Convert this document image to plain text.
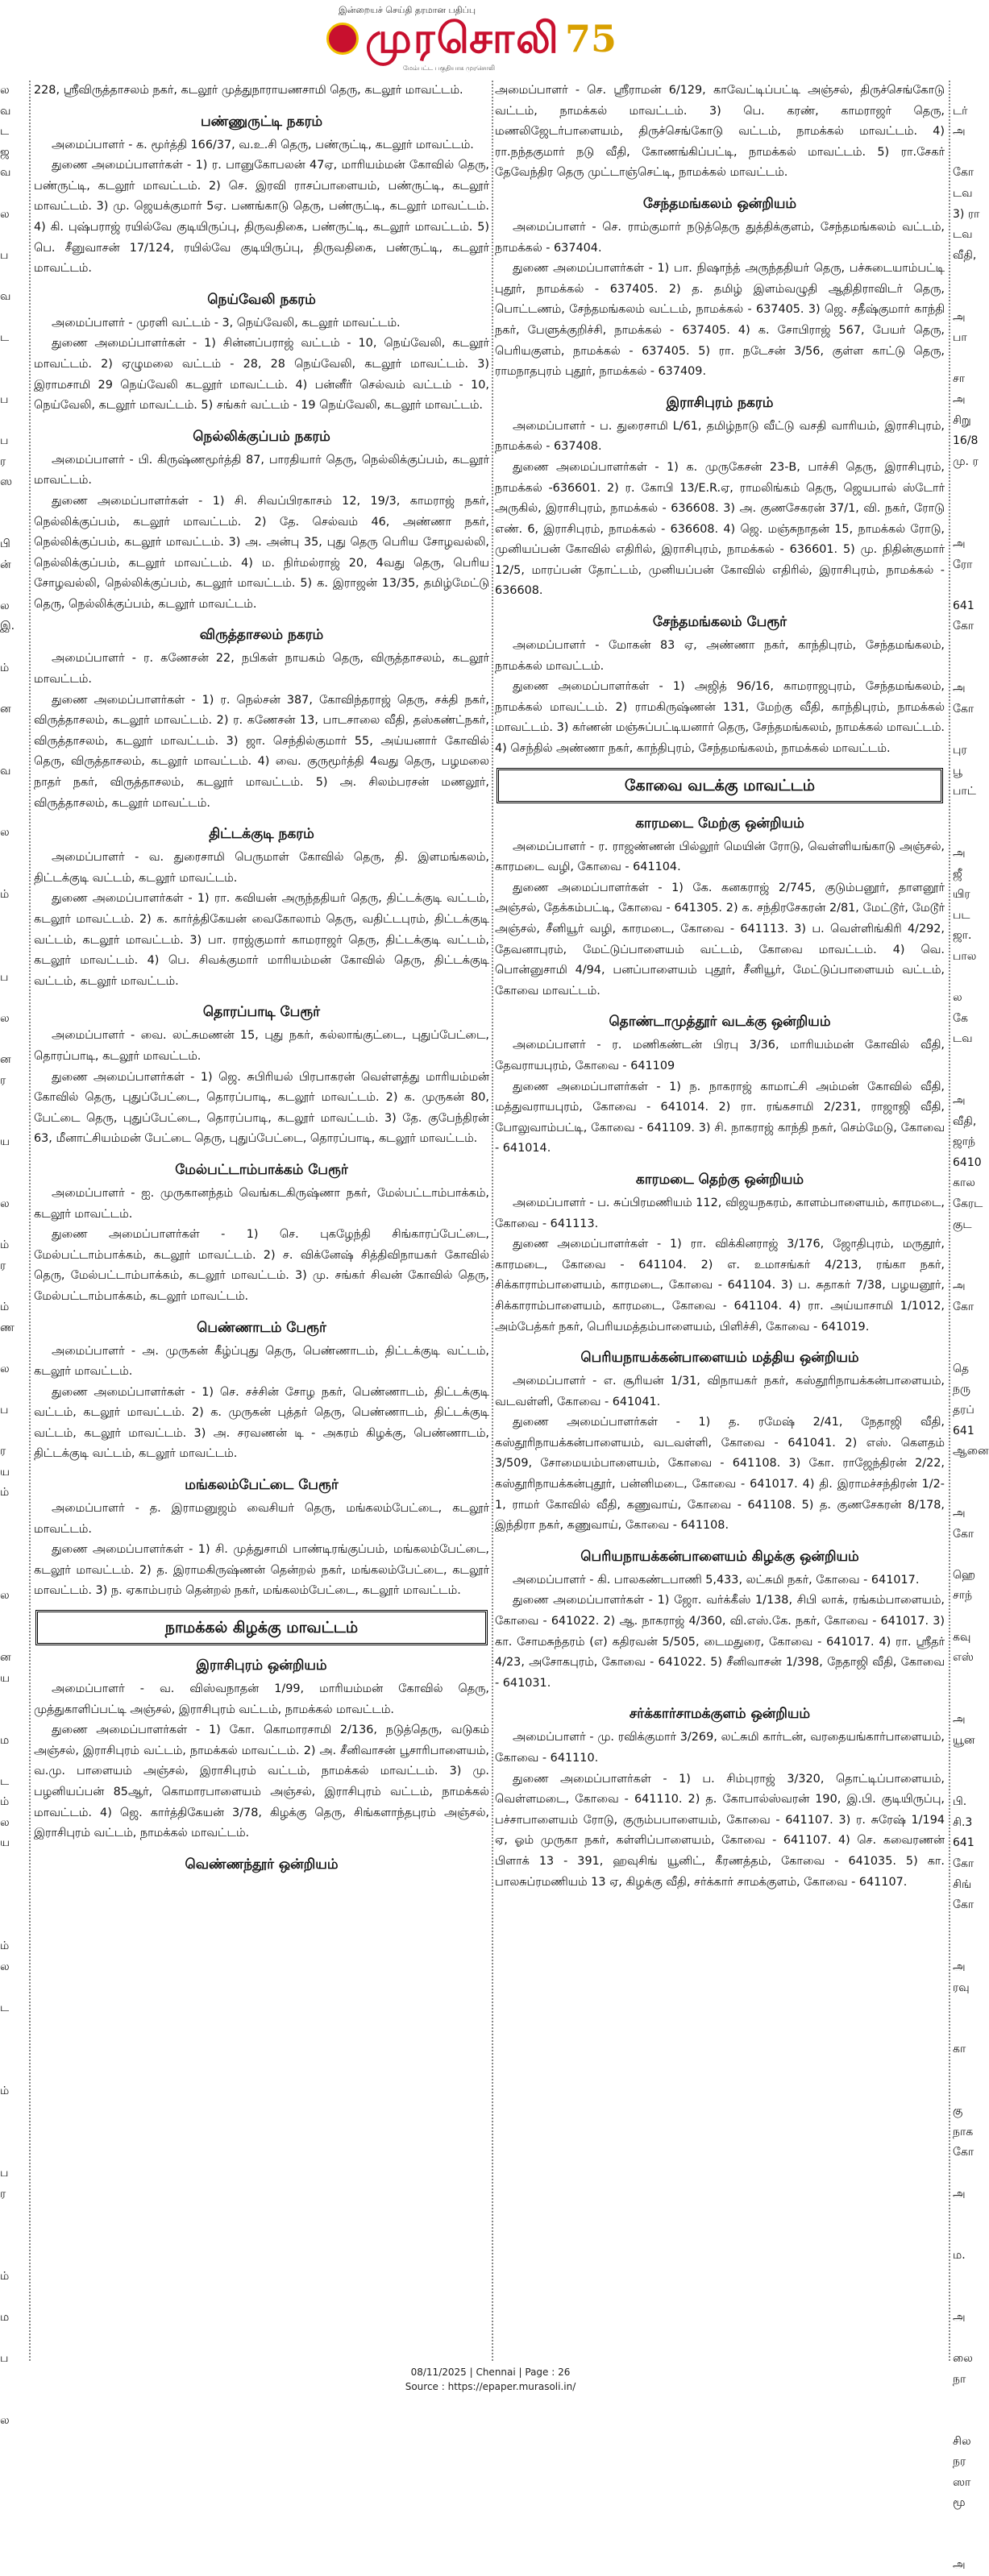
இன்றையச் செய்தி தரமான பதிப்பு
முரசொலி 75
மேம்பட்ட பகுதியாக முரசொலி
ல
வ
ட
ஜ
வ

ல

ப

வ

ட

ப

ப
ர
ஸ

பி
ன்

ல
இ.

ம்

ன

வ

ல

ம்

ப

ல

ன
ர

ய

ல

ம்
ர

ம்
ண

ல

ப

ர
ய
ம்

ல

ன
ய

ம

ட
ம்
ல
ய

ம்
ல

ட

ம்

ப
ர

ம்

ம

ப

ல

228, ஸ்ரீவிருத்தாசலம் நகர், கடலூர் முத்துநாராயணசாமி தெரு, கடலூர் மாவட்டம்.

பண்ணுருட்டி நகரம்

அமைப்பாளர் - க. மூர்த்தி 166/37, வ.உ.சி தெரு, பண்ருட்டி, கடலூர் மாவட்டம்.

துணை அமைப்பாளர்கள் - 1) ர. பானுகோபலன் 47ஏ, மாரியம்மன் கோவில் தெரு, பண்ருட்டி, கடலூர் மாவட்டம். 2) செ. இரவி ராசப்பாளையம், பண்ருட்டி, கடலூர் மாவட்டம். 3) மு. ஜெயக்குமார் 5ஏ. பணங்காடு தெரு, பண்ருட்டி, கடலூர் மாவட்டம். 4) கி. புஷ்பராஜ் ரயில்வே குடியிருப்பு, திருவதிகை, பண்ருட்டி, கடலூர் மாவட்டம். 5) பெ. சீனுவாசன் 17/124, ரயில்வே குடியிருப்பு, திருவதிகை, பண்ருட்டி, கடலூர் மாவட்டம்.

நெய்வேலி நகரம்

அமைப்பாளர் - முரளி வட்டம் - 3, நெய்வேலி, கடலூர் மாவட்டம்.

துணை அமைப்பாளர்கள் - 1) சின்னப்பராஜ் வட்டம் - 10, நெய்வேலி, கடலூர் மாவட்டம். 2) ஏழுமலை வட்டம் - 28, 28 நெய்வேலி, கடலூர் மாவட்டம். 3) இராமசாமி 29 நெய்வேலி கடலூர் மாவட்டம். 4) பன்னீர் செல்வம் வட்டம் - 10, நெய்வேலி, கடலூர் மாவட்டம். 5) சங்கர் வட்டம் - 19 நெய்வேலி, கடலூர் மாவட்டம்.

நெல்லிக்குப்பம் நகரம்

அமைப்பாளர் - பி. கிருஷ்ணமூர்த்தி 87, பாரதியார் தெரு, நெல்லிக்குப்பம், கடலூர் மாவட்டம்.

துணை அமைப்பாளர்கள் - 1) சி. சிவப்பிரகாசம் 12, 19/3, காமராஜ் நகர், நெல்லிக்குப்பம், கடலூர் மாவட்டம். 2) தே. செல்வம் 46, அண்ணா நகர், நெல்லிக்குப்பம், கடலூர் மாவட்டம். 3) அ. அன்பு 35, புது தெரு பெரிய சோழவல்லி, நெல்லிக்குப்பம், கடலூர் மாவட்டம். 4) ம. நிர்மல்ராஜ் 20, 4வது தெரு, பெரிய சோழவல்லி, நெல்லிக்குப்பம், கடலூர் மாவட்டம். 5) க. இராஜன் 13/35, தமிழ்மேட்டு தெரு, நெல்லிக்குப்பம், கடலூர் மாவட்டம்.

விருத்தாசலம் நகரம்

அமைப்பாளர் - ர. கணேசன் 22, நபிகள் நாயகம் தெரு, விருத்தாசலம், கடலூர் மாவட்டம்.

துணை அமைப்பாளர்கள் - 1) ர. நெல்சன் 387, கோவிந்தராஜ் தெரு, சக்தி நகர், விருத்தாசலம், கடலூர் மாவட்டம். 2) ர. கணேசன் 13, பாடசாலை வீதி, தஸ்கண்ட்நகர், விருத்தாசலம், கடலூர் மாவட்டம். 3) ஜா. செந்தில்குமார் 55, அய்யனார் கோவில் தெரு, விருத்தாசலம், கடலூர் மாவட்டம். 4) வை. குருமூர்த்தி 4வது தெரு, பழமலை நாதர் நகர், விருத்தாசலம், கடலூர் மாவட்டம். 5) அ. சிலம்பரசன் மணலூர், விருத்தாசலம், கடலூர் மாவட்டம்.

திட்டக்குடி நகரம்

அமைப்பாளர் - வ. துரைசாமி பெருமாள் கோவில் தெரு, தி. இளமங்கலம், திட்டக்குடி வட்டம், கடலூர் மாவட்டம்.

துணை அமைப்பாளர்கள் - 1) ரா. கவியன் அருந்ததியர் தெரு, திட்டக்குடி வட்டம், கடலூர் மாவட்டம். 2) க. கார்த்திகேயன் வைகோலாம் தெரு, வதிட்டபுரம், திட்டக்குடி வட்டம், கடலூர் மாவட்டம். 3) பா. ராஜ்குமார் காமராஜர் தெரு, திட்டக்குடி வட்டம், கடலூர் மாவட்டம். 4) பெ. சிவக்குமார் மாரியம்மன் கோவில் தெரு, திட்டக்குடி வட்டம், கடலூர் மாவட்டம்.

தொரப்பாடி பேரூர்

அமைப்பாளர் - வை. லட்சுமணன் 15, புது நகர், கல்லாங்குட்டை, புதுப்பேட்டை, தொரப்பாடி, கடலூர் மாவட்டம்.

துணை அமைப்பாளர்கள் - 1) ஜெ. சுபிரியல் பிரபாகரன் வெள்ளத்து மாரியம்மன் கோவில் தெரு, புதுப்பேட்டை, தொரப்பாடி, கடலூர் மாவட்டம். 2) க. முருகன் 80, பேட்டை தெரு, புதுப்பேட்டை, தொரப்பாடி, கடலூர் மாவட்டம். 3) தே. குபேந்திரன் 63, மீனாட்சியம்மன் பேட்டை தெரு, புதுப்பேட்டை, தொரப்பாடி, கடலூர் மாவட்டம்.

மேல்பட்டாம்பாக்கம் பேரூர்

அமைப்பாளர் - ஐ. முருகானந்தம் வெங்கடகிருஷ்ணா நகர், மேல்பட்டாம்பாக்கம், கடலூர் மாவட்டம்.

துணை அமைப்பாளர்கள் - 1) செ. புகழேந்தி சிங்காரப்பேட்டை, மேல்பட்டாம்பாக்கம், கடலூர் மாவட்டம். 2) ச. விக்னேஷ் சித்திவிநாயகர் கோவில் தெரு, மேல்பட்டாம்பாக்கம், கடலூர் மாவட்டம். 3) மு. சங்கர் சிவன் கோவில் தெரு, மேல்பட்டாம்பாக்கம், கடலூர் மாவட்டம்.

பெண்ணாடம் பேரூர்

அமைப்பாளர் - அ. முருகன் கீழ்ப்புது தெரு, பெண்ணாடம், திட்டக்குடி வட்டம், கடலூர் மாவட்டம்.

துணை அமைப்பாளர்கள் - 1) செ. சச்சின் சோழ நகர், பெண்ணாடம், திட்டக்குடி வட்டம், கடலூர் மாவட்டம். 2) க. முருகன் புத்தர் தெரு, பெண்ணாடம், திட்டக்குடி வட்டம், கடலூர் மாவட்டம். 3) அ. சரவணன் டி - அகரம் கிழக்கு, பெண்ணாடம், திட்டக்குடி வட்டம், கடலூர் மாவட்டம்.

மங்கலம்பேட்டை பேரூர்

அமைப்பாளர் - த. இராமனுஜம் வைசியர் தெரு, மங்கலம்பேட்டை, கடலூர் மாவட்டம்.

துணை அமைப்பாளர்கள் - 1) சி. முத்துசாமி பாண்டிரங்குப்பம், மங்கலம்பேட்டை, கடலூர் மாவட்டம். 2) த. இராமகிருஷ்ணன் தென்றல் நகர், மங்கலம்பேட்டை, கடலூர் மாவட்டம். 3) ந. ஏகாம்பரம் தென்றல் நகர், மங்கலம்பேட்டை, கடலூர் மாவட்டம்.

நாமக்கல் கிழக்கு மாவட்டம்
இராசிபுரம் ஒன்றியம்

அமைப்பாளர் - வ. விஸ்வநாதன் 1/99, மாரியம்மன் கோவில் தெரு, முத்துகாளிப்பட்டி அஞ்சல், இராசிபுரம் வட்டம், நாமக்கல் மாவட்டம்.

துணை அமைப்பாளர்கள் - 1) கோ. கொமாரசாமி 2/136, நடுத்தெரு, வடுகம் அஞ்சல், இராசிபுரம் வட்டம், நாமக்கல் மாவட்டம். 2) அ. சீனிவாசன் பூசாரிபாளையம், வ.மு. பாளையம் அஞ்சல், இராசிபுரம் வட்டம், நாமக்கல் மாவட்டம். 3) மு. பழனியப்பன் 85ஆர், கொமாரபாளையம் அஞ்சல், இராசிபுரம் வட்டம், நாமக்கல் மாவட்டம். 4) ஜெ. கார்த்திகேயன் 3/78, கிழக்கு தெரு, சிங்களாந்தபுரம் அஞ்சல், இராசிபுரம் வட்டம், நாமக்கல் மாவட்டம்.

வெண்ணந்தூர் ஒன்றியம்

அமைப்பாளர் - செ. ஸ்ரீராமன் 6/129, காவேட்டிப்பட்டி அஞ்சல், திருச்செங்கோடு வட்டம், நாமக்கல் மாவட்டம். 3) பெ. கரண், காமராஜர் தெரு, மணலிஜேடர்பாளையம், திருச்செங்கோடு வட்டம், நாமக்கல் மாவட்டம். 4) ரா.நந்தகுமார் நடு வீதி, கோணங்கிப்பட்டி, நாமக்கல் மாவட்டம். 5) ரா.சேகர் தேவேந்திர தெரு முட்டாஞ்செட்டி, நாமக்கல் மாவட்டம்.

சேந்தமங்கலம் ஒன்றியம்

அமைப்பாளர் - செ. ராம்குமார் நடுத்தெரு துத்திக்குளம், சேந்தமங்கலம் வட்டம், நாமக்கல் - 637404.

துணை அமைப்பாளர்கள் - 1) பா. நிஷாந்த் அருந்ததியர் தெரு, பச்சுடையாம்பட்டி புதூர், நாமக்கல் - 637405. 2) த. தமிழ் இளம்வழுதி ஆதிதிராவிடர் தெரு, பொட்டணம், சேந்தமங்கலம் வட்டம், நாமக்கல் - 637405. 3) ஜெ. சதீஷ்குமார் காந்தி நகர், பேளுக்குறிச்சி, நாமக்கல் - 637405. 4) க. சோபிராஜ் 567, பேயர் தெரு, பெரியகுளம், நாமக்கல் - 637405. 5) ரா. நடேசன் 3/56, குள்ள காட்டு தெரு, ராமநாதபுரம் புதூர், நாமக்கல் - 637409.

இராசிபுரம் நகரம்

அமைப்பாளர் - ப. துரைசாமி L/61, தமிழ்நாடு வீட்டு வசதி வாரியம், இராசிபுரம், நாமக்கல் - 637408.

துணை அமைப்பாளர்கள் - 1) க. முருகேசன் 23-B, பாச்சி தெரு, இராசிபுரம், நாமக்கல் -636601. 2) ர. கோபி 13/E.R.ஏ, ராமலிங்கம் தெரு, ஜெயபால் ஸ்டோர் அருகில், இராசிபுரம், நாமக்கல் - 636608. 3) அ. குணசேகரன் 37/1, வி. நகர், ரோடு எண். 6, இராசிபுரம், நாமக்கல் - 636608. 4) ஜெ. மஞ்சுநாதன் 15, நாமக்கல் ரோடு, முனியப்பன் கோவில் எதிரில், இராசிபுரம், நாமக்கல் - 636601. 5) மு. நிதின்குமார் 12/5, மாரப்பன் தோட்டம், முனியப்பன் கோவில் எதிரில், இராசிபுரம், நாமக்கல் - 636608.

சேந்தமங்கலம் பேரூர்

அமைப்பாளர் - மோகன் 83 ஏ, அண்ணா நகர், காந்திபுரம், சேந்தமங்கலம், நாமக்கல் மாவட்டம்.

துணை அமைப்பாளர்கள் - 1) அஜித் 96/16, காமராஜபுரம், சேந்தமங்கலம், நாமக்கல் மாவட்டம். 2) ராமகிருஷ்ணன் 131, மேற்கு வீதி, காந்திபுரம், நாமக்கல் மாவட்டம். 3) கர்ணன் மஞ்சுப்பட்டியனார் தெரு, சேந்தமங்கலம், நாமக்கல் மாவட்டம். 4) செந்தில் அண்ணா நகர், காந்திபுரம், சேந்தமங்கலம், நாமக்கல் மாவட்டம்.

கோவை வடக்கு மாவட்டம்
காரமடை மேற்கு ஒன்றியம்

அமைப்பாளர் - ர. ராஜண்ணன் பில்லூர் மெயின் ரோடு, வெள்ளியங்காடு அஞ்சல், காரமடை வழி, கோவை - 641104.

துணை அமைப்பாளர்கள் - 1) கே. கனகராஜ் 2/745, குடும்பனூர், தாளனூர் அஞ்சல், தேக்கம்பட்டி, கோவை - 641305. 2) க. சந்திரசேகரன் 2/81, மேட்டூர், மேடூர் அஞ்சல், சீனியூர் வழி, காரமடை, கோவை - 641113. 3) ப. வெள்ளிங்கிரி 4/292, தேவனாபுரம், மேட்டுப்பாளையம் வட்டம், கோவை மாவட்டம். 4) வெ. பொன்னுசாமி 4/94, பனப்பாளையம் புதூர், சீனியூர், மேட்டுப்பாளையம் வட்டம், கோவை மாவட்டம்.

தொண்டாமுத்தூர் வடக்கு ஒன்றியம்

அமைப்பாளர் - ர. மணிகண்டன் பிரபு 3/36, மாரியம்மன் கோவில் வீதி, தேவராயபுரம், கோவை - 641109

துணை அமைப்பாளர்கள் - 1) ந. நாகராஜ் காமாட்சி அம்மன் கோவில் வீதி, மத்துவராயபுரம், கோவை - 641014. 2) ரா. ரங்கசாமி 2/231, ராஜாஜி வீதி, போலுவாம்பட்டி, கோவை - 641109. 3) சி. நாகராஜ் காந்தி நகர், செம்மேடு, கோவை - 641014.

காரமடை தெற்கு ஒன்றியம்

அமைப்பாளர் - ப. சுப்பிரமணியம் 112, விஜயநகரம், காளம்பாளையம், காரமடை, கோவை - 641113.

துணை அமைப்பாளர்கள் - 1) ரா. விக்கினராஜ் 3/176, ஜோதிபுரம், மருதூர், காரமடை, கோவை - 641104. 2) எ. உமாசங்கர் 4/213, ரங்கா நகர், சிக்காராம்பாளையம், காரமடை, கோவை - 641104. 3) ப. சுதாகர் 7/38, பழயனூர், சிக்காராம்பாளையம், காரமடை, கோவை - 641104. 4) ரா. அய்யாசாமி 1/1012, அம்பேத்கர் நகர், பெரியமத்தம்பாளையம், பிளிச்சி, கோவை - 641019.

பெரியநாயக்கன்பாளையம் மத்திய ஒன்றியம்

அமைப்பாளர் - எ. சூரியன் 1/31, விநாயகர் நகர், கஸ்தூரிநாயக்கன்பாளையம், வடவள்ளி, கோவை - 641041.

துணை அமைப்பாளர்கள் - 1) த. ரமேஷ் 2/41, நேதாஜி வீதி, கஸ்தூரிநாயக்கன்பாளையம், வடவள்ளி, கோவை - 641041. 2) எஸ். கௌதம் 3/509, சோமையம்பாளையம், கோவை - 641108. 3) கோ. ராஜேந்திரன் 2/22, கஸ்தூரிநாயக்கன்புதூர், பன்னிமடை, கோவை - 641017. 4) தி. இராமச்சந்திரன் 1/2-1, ராமர் கோவில் வீதி, கணுவாய், கோவை - 641108. 5) த. குணசேகரன் 8/178, இந்திரா நகர், கணுவாய், கோவை - 641108.

பெரியநாயக்கன்பாளையம் கிழக்கு ஒன்றியம்

அமைப்பாளர் - கி. பாலகண்டபாணி 5,433, லட்சுமி நகர், கோவை - 641017.

துணை அமைப்பாளர்கள் - 1) ஜோ. வர்க்கீஸ் 1/138, சிபி லாக், ரங்கம்பாளையம், கோவை - 641022. 2) ஆ. நாகராஜ் 4/360, வி.எஸ்.கே. நகர், கோவை - 641017. 3) கா. சோமசுந்தரம் (எ) கதிரவன் 5/505, டைமதுரை, கோவை - 641017. 4) ரா. ஸ்ரீதர் 4/23, அசோகபுரம், கோவை - 641022. 5) சீனிவாசன் 1/398, நேதாஜி வீதி, கோவை - 641031.

சர்க்கார்சாமக்குளம் ஒன்றியம்

அமைப்பாளர் - மு. ரவிக்குமார் 3/269, லட்சுமி கார்டன், வரதையங்கார்பாளையம், கோவை - 641110.

துணை அமைப்பாளர்கள் - 1) ப. சிம்புராஜ் 3/320, தொட்டிப்பாளையம், வெள்ளமடை, கோவை - 641110. 2) த. கோபால்ஸ்வரன் 190, இ.பி. குடியிருப்பு, பச்சாபாளையம் ரோடு, குரும்பபாளையம், கோவை - 641107. 3) ர. சுரேஷ் 1/194 ஏ, ஓம் முருகா நகர், கள்ளிப்பாளையம், கோவை - 641107. 4) செ. கவைரணன் பிளாக் 13 - 391, ஹவுசிங் யூனிட், கீரணத்தம், கோவை - 641035. 5) கா. பாலசுப்ரமணியம் 13 ஏ, கிழக்கு வீதி, சர்க்கார் சாமக்குளம், கோவை - 641107.

டர்
அ

கோ
டவ
3) ரா
டவ
வீதி,

அ
பா

சா
அ
சிறு
16/8
மு. ர

அ
ரோ

641
கோ

அ
கோ

புர
பூ
பாட்

அ
ஜீ
யிர
பட
ஜா.
பால

ல
கே
டவ

அ
வீதி,
ஜாந்
6410
கால
கேரட
குட

அ
கோ

தெ
நரு
தரப்
641
ஆனை

அ
கோ

ஹெ
சாந்

கவு
எஸ்

அ
யூன

பி.
சி.3
641
கோ
சிங்
கோ

அ
ரவு

கா

கு
நாக
கோ

அ

ம.

அ

லை
நா

சில
நர
ஸா
மூ

அ
08/11/2025 | Chennai | Page : 26
Source : https://epaper.murasoli.in/
